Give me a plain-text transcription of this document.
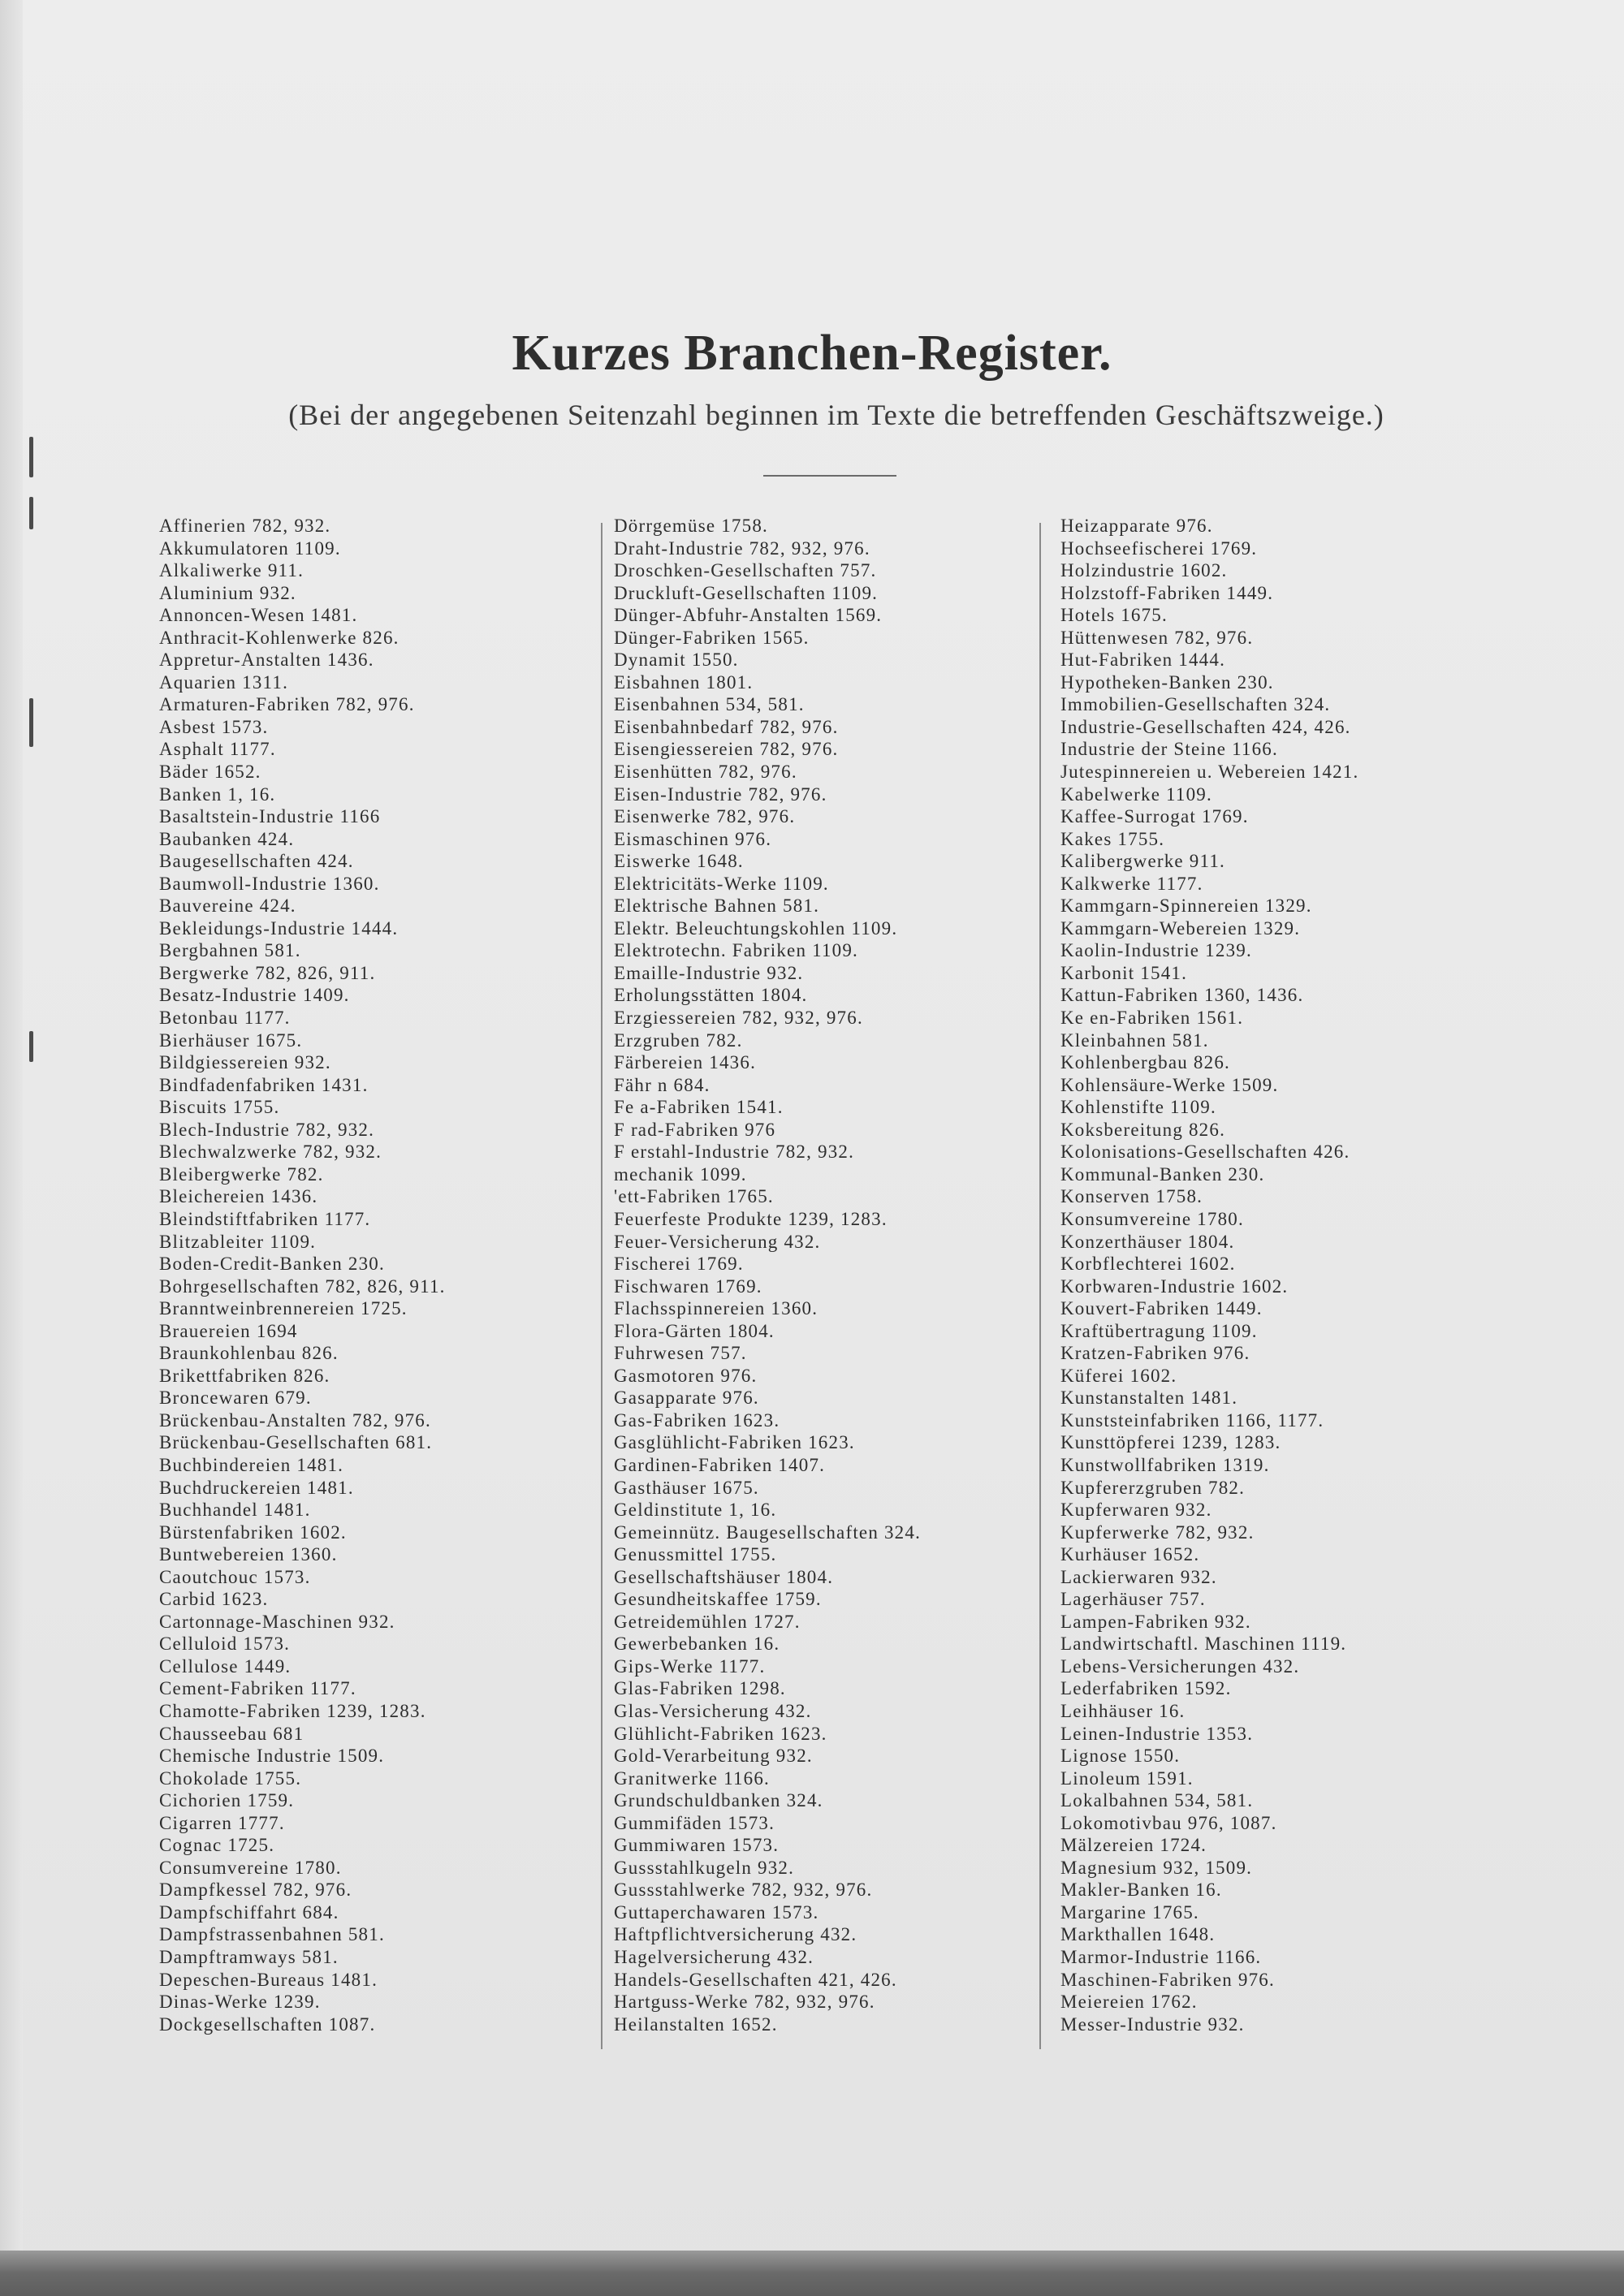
Kurzes Branchen-Register.
(Bei der angegebenen Seitenzahl beginnen im Texte die betreffenden Geschäftszweige.)
Affinerien 782, 932.
Akkumulatoren 1109.
Alkaliwerke 911.
Aluminium 932.
Annoncen-Wesen 1481.
Anthracit-Kohlenwerke 826.
Appretur-Anstalten 1436.
Aquarien 1311.
Armaturen-Fabriken 782, 976.
Asbest 1573.
Asphalt 1177.
Bäder 1652.
Banken 1, 16.
Basaltstein-Industrie 1166
Baubanken 424.
Baugesellschaften 424.
Baumwoll-Industrie 1360.
Bauvereine 424.
Bekleidungs-Industrie 1444.
Bergbahnen 581.
Bergwerke 782, 826, 911.
Besatz-Industrie 1409.
Betonbau 1177.
Bierhäuser 1675.
Bildgiessereien 932.
Bindfadenfabriken 1431.
Biscuits 1755.
Blech-Industrie 782, 932.
Blechwalzwerke 782, 932.
Bleibergwerke 782.
Bleichereien 1436.
Bleindstiftfabriken 1177.
Blitzableiter 1109.
Boden-Credit-Banken 230.
Bohrgesellschaften 782, 826, 911.
Branntweinbrennereien 1725.
Brauereien 1694
Braunkohlenbau 826.
Brikettfabriken 826.
Broncewaren 679.
Brückenbau-Anstalten 782, 976.
Brückenbau-Gesellschaften 681.
Buchbindereien 1481.
Buchdruckereien 1481.
Buchhandel 1481.
Bürstenfabriken 1602.
Buntwebereien 1360.
Caoutchouc 1573.
Carbid 1623.
Cartonnage-Maschinen 932.
Celluloid 1573.
Cellulose 1449.
Cement-Fabriken 1177.
Chamotte-Fabriken 1239, 1283.
Chausseebau 681
Chemische Industrie 1509.
Chokolade 1755.
Cichorien 1759.
Cigarren 1777.
Cognac 1725.
Consumvereine 1780.
Dampfkessel 782, 976.
Dampfschiffahrt 684.
Dampfstrassenbahnen 581.
Dampftramways 581.
Depeschen-Bureaus 1481.
Dinas-Werke 1239.
Dockgesellschaften 1087.
Dörrgemüse 1758.
Draht-Industrie 782, 932, 976.
Droschken-Gesellschaften 757.
Druckluft-Gesellschaften 1109.
Dünger-Abfuhr-Anstalten 1569.
Dünger-Fabriken 1565.
Dynamit 1550.
Eisbahnen 1801.
Eisenbahnen 534, 581.
Eisenbahnbedarf 782, 976.
Eisengiessereien 782, 976.
Eisenhütten 782, 976.
Eisen-Industrie 782, 976.
Eisenwerke 782, 976.
Eismaschinen 976.
Eiswerke 1648.
Elektricitäts-Werke 1109.
Elektrische Bahnen 581.
Elektr. Beleuchtungskohlen 1109.
Elektrotechn. Fabriken 1109.
Emaille-Industrie 932.
Erholungsstätten 1804.
Erzgiessereien 782, 932, 976.
Erzgruben 782.
Färbereien 1436.
Fähr n 684.
Fe a-Fabriken 1541.
F rad-Fabriken 976
F erstahl-Industrie 782, 932.
mechanik 1099.
'ett-Fabriken 1765.
Feuerfeste Produkte 1239, 1283.
Feuer-Versicherung 432.
Fischerei 1769.
Fischwaren 1769.
Flachsspinnereien 1360.
Flora-Gärten 1804.
Fuhrwesen 757.
Gasmotoren 976.
Gasapparate 976.
Gas-Fabriken 1623.
Gasglühlicht-Fabriken 1623.
Gardinen-Fabriken 1407.
Gasthäuser 1675.
Geldinstitute 1, 16.
Gemeinnütz. Baugesellschaften 324.
Genussmittel 1755.
Gesellschaftshäuser 1804.
Gesundheitskaffee 1759.
Getreidemühlen 1727.
Gewerbebanken 16.
Gips-Werke 1177.
Glas-Fabriken 1298.
Glas-Versicherung 432.
Glühlicht-Fabriken 1623.
Gold-Verarbeitung 932.
Granitwerke 1166.
Grundschuldbanken 324.
Gummifäden 1573.
Gummiwaren 1573.
Gussstahlkugeln 932.
Gussstahlwerke 782, 932, 976.
Guttaperchawaren 1573.
Haftpflichtversicherung 432.
Hagelversicherung 432.
Handels-Gesellschaften 421, 426.
Hartguss-Werke 782, 932, 976.
Heilanstalten 1652.
Heizapparate 976.
Hochseefischerei 1769.
Holzindustrie 1602.
Holzstoff-Fabriken 1449.
Hotels 1675.
Hüttenwesen 782, 976.
Hut-Fabriken 1444.
Hypotheken-Banken 230.
Immobilien-Gesellschaften 324.
Industrie-Gesellschaften 424, 426.
Industrie der Steine 1166.
Jutespinnereien u. Webereien 1421.
Kabelwerke 1109.
Kaffee-Surrogat 1769.
Kakes 1755.
Kalibergwerke 911.
Kalkwerke 1177.
Kammgarn-Spinnereien 1329.
Kammgarn-Webereien 1329.
Kaolin-Industrie 1239.
Karbonit 1541.
Kattun-Fabriken 1360, 1436.
Ke en-Fabriken 1561.
Kleinbahnen 581.
Kohlenbergbau 826.
Kohlensäure-Werke 1509.
Kohlenstifte 1109.
Koksbereitung 826.
Kolonisations-Gesellschaften 426.
Kommunal-Banken 230.
Konserven 1758.
Konsumvereine 1780.
Konzerthäuser 1804.
Korbflechterei 1602.
Korbwaren-Industrie 1602.
Kouvert-Fabriken 1449.
Kraftübertragung 1109.
Kratzen-Fabriken 976.
Küferei 1602.
Kunstanstalten 1481.
Kunststeinfabriken 1166, 1177.
Kunsttöpferei 1239, 1283.
Kunstwollfabriken 1319.
Kupfererzgruben 782.
Kupferwaren 932.
Kupferwerke 782, 932.
Kurhäuser 1652.
Lackierwaren 932.
Lagerhäuser 757.
Lampen-Fabriken 932.
Landwirtschaftl. Maschinen 1119.
Lebens-Versicherungen 432.
Lederfabriken 1592.
Leihhäuser 16.
Leinen-Industrie 1353.
Lignose 1550.
Linoleum 1591.
Lokalbahnen 534, 581.
Lokomotivbau 976, 1087.
Mälzereien 1724.
Magnesium 932, 1509.
Makler-Banken 16.
Margarine 1765.
Markthallen 1648.
Marmor-Industrie 1166.
Maschinen-Fabriken 976.
Meiereien 1762.
Messer-Industrie 932.
